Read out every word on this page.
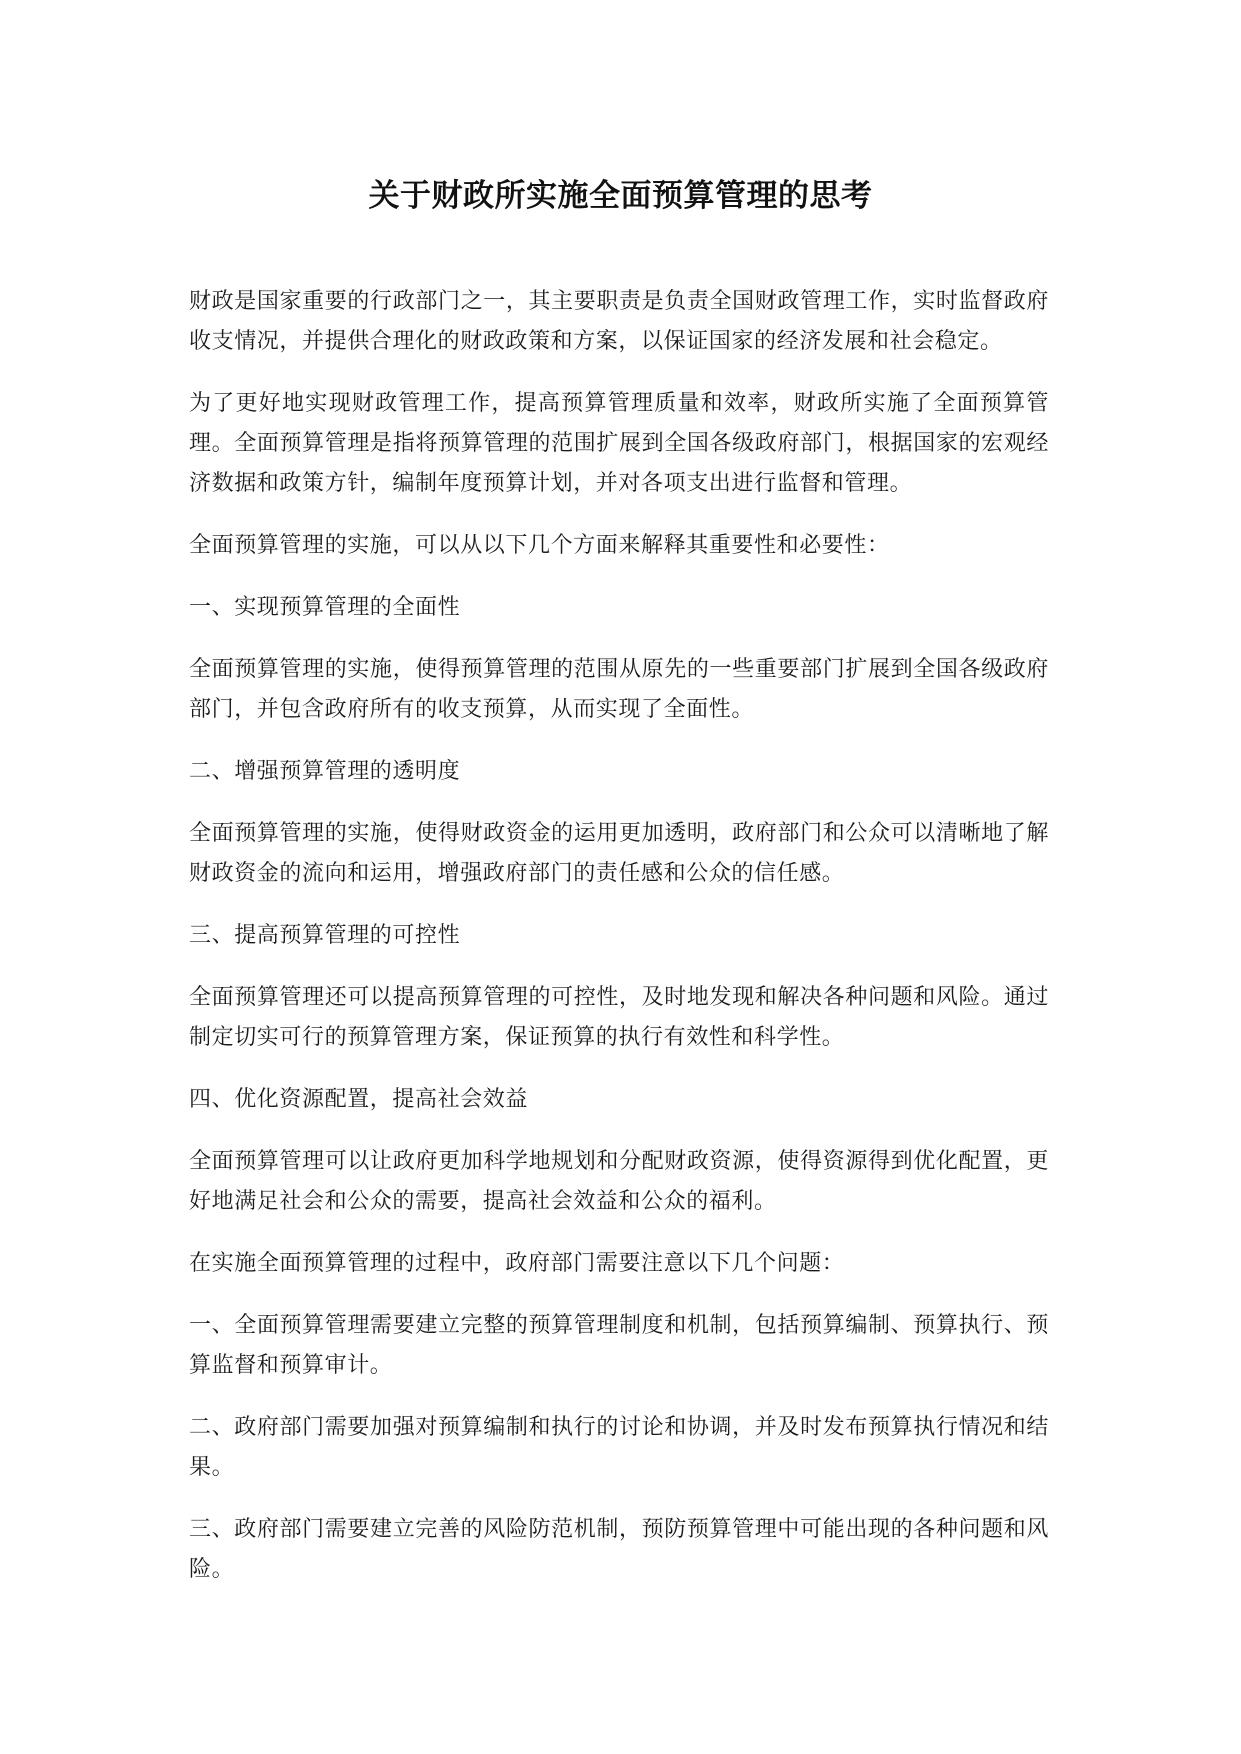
关于财政所实施全面预算管理的思考

财政是国家重要的行政部门之一，其主要职责是负责全国财政管理工作，实时监督政府收支情况，并提供合理化的财政政策和方案，以保证国家的经济发展和社会稳定。

为了更好地实现财政管理工作，提高预算管理质量和效率，财政所实施了全面预算管理。全面预算管理是指将预算管理的范围扩展到全国各级政府部门，根据国家的宏观经济数据和政策方针，编制年度预算计划，并对各项支出进行监督和管理。

全面预算管理的实施，可以从以下几个方面来解释其重要性和必要性：

一、实现预算管理的全面性

全面预算管理的实施，使得预算管理的范围从原先的一些重要部门扩展到全国各级政府部门，并包含政府所有的收支预算，从而实现了全面性。

二、增强预算管理的透明度

全面预算管理的实施，使得财政资金的运用更加透明，政府部门和公众可以清晰地了解财政资金的流向和运用，增强政府部门的责任感和公众的信任感。

三、提高预算管理的可控性

全面预算管理还可以提高预算管理的可控性，及时地发现和解决各种问题和风险。通过制定切实可行的预算管理方案，保证预算的执行有效性和科学性。

四、优化资源配置，提高社会效益

全面预算管理可以让政府更加科学地规划和分配财政资源，使得资源得到优化配置，更好地满足社会和公众的需要，提高社会效益和公众的福利。

在实施全面预算管理的过程中，政府部门需要注意以下几个问题：

一、全面预算管理需要建立完整的预算管理制度和机制，包括预算编制、预算执行、预算监督和预算审计。

二、政府部门需要加强对预算编制和执行的讨论和协调，并及时发布预算执行情况和结果。

三、政府部门需要建立完善的风险防范机制，预防预算管理中可能出现的各种问题和风险。
